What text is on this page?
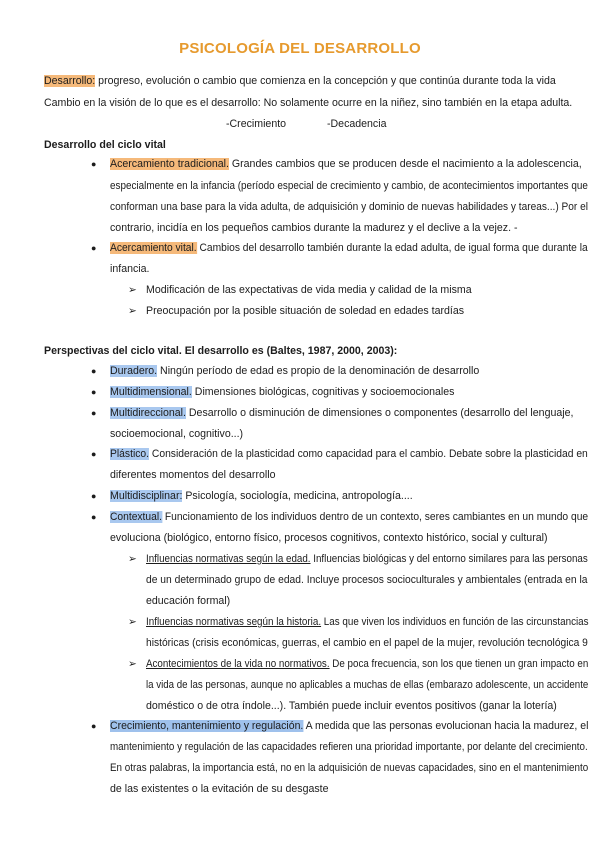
PSICOLOGÍA DEL DESARROLLO
Desarrollo: progreso, evolución o cambio que comienza en la concepción y que continúa durante toda la vida
Cambio en la visión de lo que es el desarrollo: No solamente ocurre en la niñez, sino también en la etapa adulta.
-Crecimiento	-Decadencia
Desarrollo del ciclo vital
● Acercamiento tradicional. Grandes cambios que se producen desde el nacimiento a la adolescencia,
especialmente en la infancia (período especial de crecimiento y cambio, de acontecimientos importantes que
conforman una base para la vida adulta, de adquisición y dominio de nuevas habilidades y tareas...) Por el
contrario, incidía en los pequeños cambios durante la madurez y el declive a la vejez. -
● Acercamiento vital. Cambios del desarrollo también durante la edad adulta, de igual forma que durante la
infancia.
➢ Modificación de las expectativas de vida media y calidad de la misma
➢ Preocupación por la posible situación de soledad en edades tardías
Perspectivas del ciclo vital. El desarrollo es (Baltes, 1987, 2000, 2003):
● Duradero. Ningún período de edad es propio de la denominación de desarrollo
● Multidimensional. Dimensiones biológicas, cognitivas y socioemocionales
● Multidireccional. Desarrollo o disminución de dimensiones o componentes (desarrollo del lenguaje,
socioemocional, cognitivo...)
● Plástico. Consideración de la plasticidad como capacidad para el cambio. Debate sobre la plasticidad en
diferentes momentos del desarrollo
● Multidisciplinar: Psicología, sociología, medicina, antropología....
● Contextual. Funcionamiento de los individuos dentro de un contexto, seres cambiantes en un mundo que
evoluciona (biológico, entorno físico, procesos cognitivos, contexto histórico, social y cultural)
➢ Influencias normativas según la edad. Influencias biológicas y del entorno similares para las personas
de un determinado grupo de edad. Incluye procesos socioculturales y ambientales (entrada en la
educación formal)
➢ Influencias normativas según la historia. Las que viven los individuos en función de las circunstancias
históricas (crisis económicas, guerras, el cambio en el papel de la mujer, revolución tecnológica 9
➢ Acontecimientos de la vida no normativos. De poca frecuencia, son los que tienen un gran impacto en
la vida de las personas, aunque no aplicables a muchas de ellas (embarazo adolescente, un accidente
doméstico o de otra índole...). También puede incluir eventos positivos (ganar la lotería)
● Crecimiento, mantenimiento y regulación. A medida que las personas evolucionan hacia la madurez, el
mantenimiento y regulación de las capacidades refieren una prioridad importante, por delante del crecimiento.
En otras palabras, la importancia está, no en la adquisición de nuevas capacidades, sino en el mantenimiento
de las existentes o la evitación de su desgaste
